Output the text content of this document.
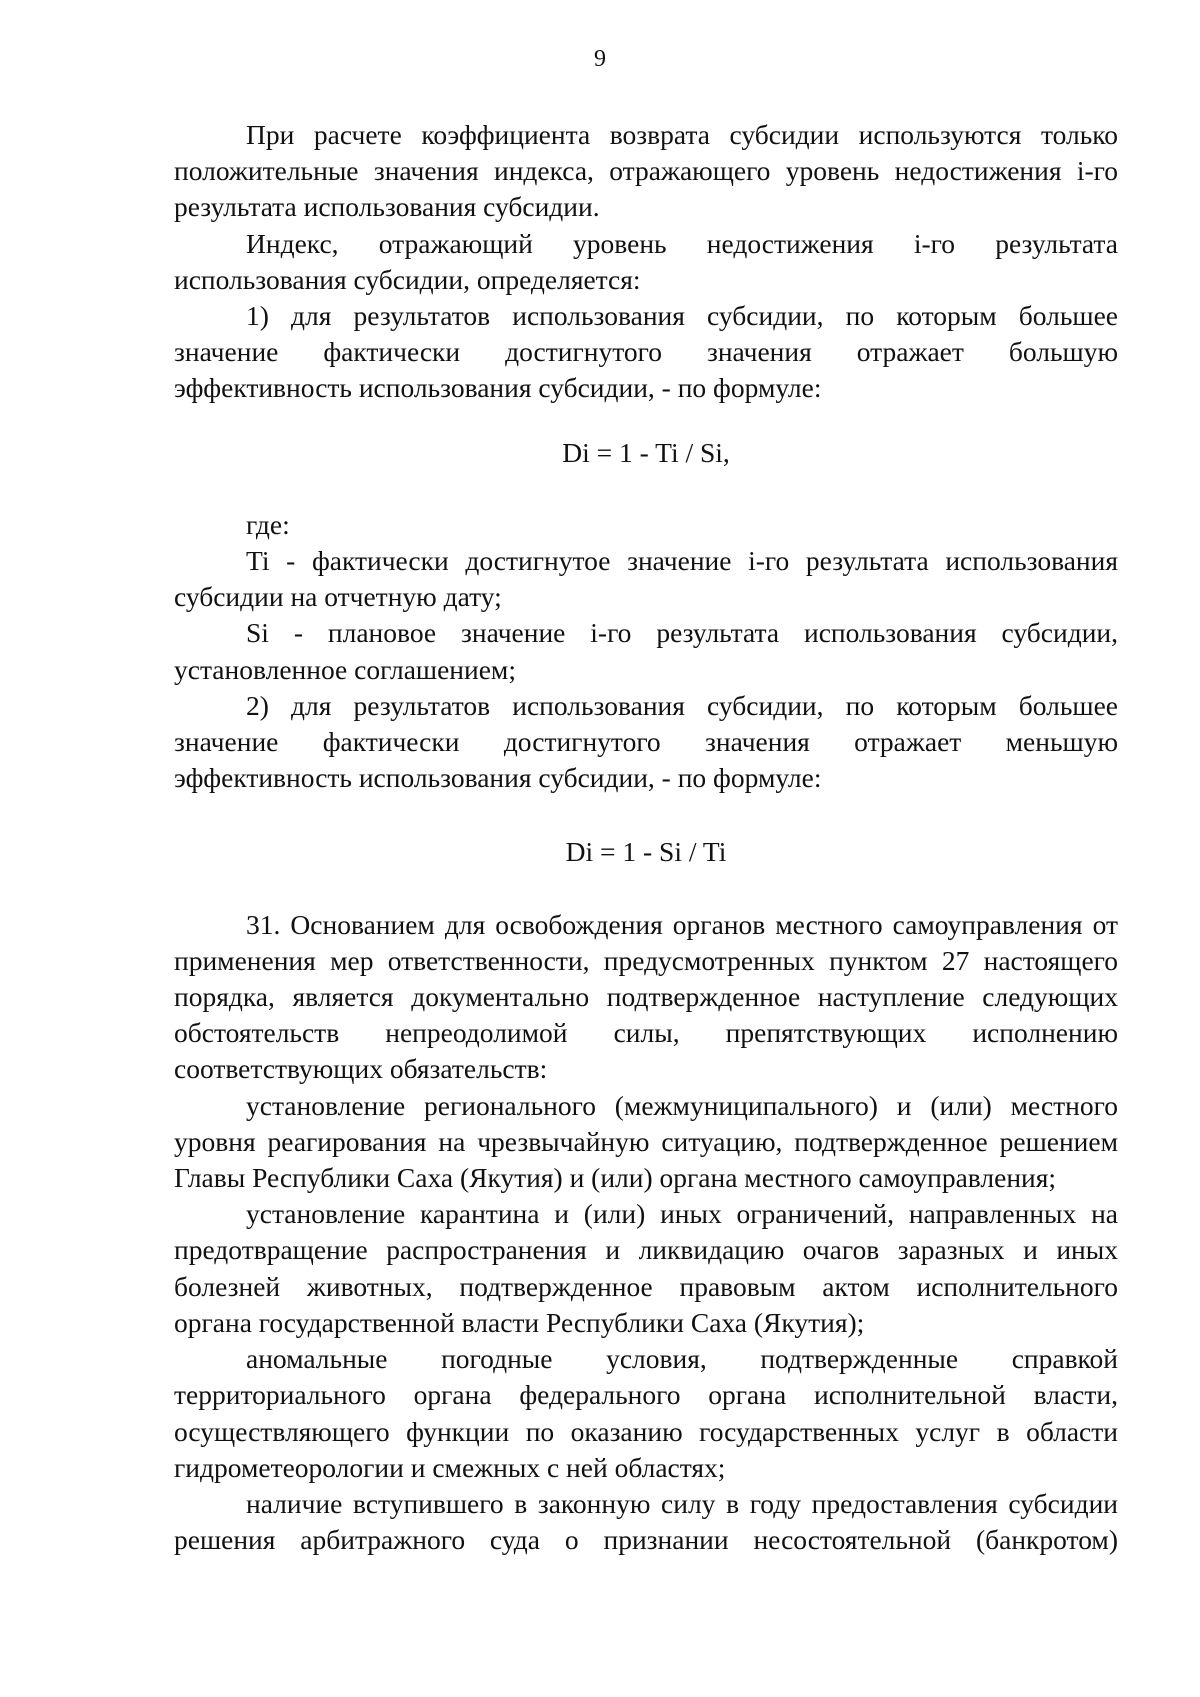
9

При расчете коэффициента возврата субсидии используются только

положительные значения индекса, отражающего уровень недостижения i-го

результата использования субсидии.

Индекс, отражающий уровень недостижения i-го результата

использования субсидии, определяется:

1) для результатов использования субсидии, по которым большее

значение фактически достигнутого значения отражает большую

эффективность использования субсидии, - по формуле:

Di = 1 - Ti / Si,

где:

Ti - фактически достигнутое значение i-го результата использования

субсидии на отчетную дату;

Si - плановое значение i-го результата использования субсидии,

установленное соглашением;

2) для результатов использования субсидии, по которым большее

значение фактически достигнутого значения отражает меньшую

эффективность использования субсидии, - по формуле:

Di = 1 - Si / Ti

31. Основанием для освобождения органов местного самоуправления от

применения мер ответственности, предусмотренных пунктом 27 настоящего

порядка, является документально подтвержденное наступление следующих

обстоятельств непреодолимой силы, препятствующих исполнению

соответствующих обязательств:

установление регионального (межмуниципального) и (или) местного

уровня реагирования на чрезвычайную ситуацию, подтвержденное решением

Главы Республики Саха (Якутия) и (или) органа местного самоуправления;

установление карантина и (или) иных ограничений, направленных на

предотвращение распространения и ликвидацию очагов заразных и иных

болезней животных, подтвержденное правовым актом исполнительного

органа государственной власти Республики Саха (Якутия);

аномальные погодные условия, подтвержденные справкой

территориального органа федерального органа исполнительной власти,

осуществляющего функции по оказанию государственных услуг в области

гидрометеорологии и смежных с ней областях;

наличие вступившего в законную силу в году предоставления субсидии

решения арбитражного суда о признании несостоятельной (банкротом)
